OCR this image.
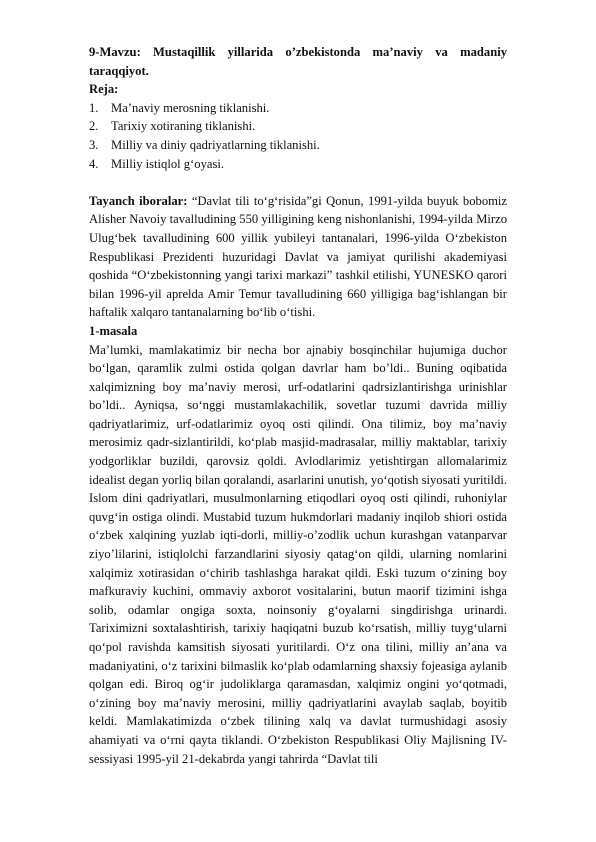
9-Mavzu: Mustaqillik yillarida o’zbekistonda ma’naviy va madaniy taraqqiyot.

Reja:

1. Ma’naviy merosning tiklanishi.
2. Tarixiy xotiraning tiklanishi.
3. Milliy va diniy qadriyatlarning tiklanishi.
4. Milliy istiqlol g‘oyasi.

Tayanch iboralar: “Davlat tili to‘g‘risida”gi Qonun, 1991-yilda buyuk bobomiz Alisher Navoiy tavalludining 550 yilligining keng nishonlanishi, 1994-yilda Mirzo Ulug‘bek tavalludining 600 yillik yubileyi tantanalari, 1996-yilda O‘zbekiston Respublikasi Prezidenti huzuridagi Davlat va jamiyat qurilishi akademiyasi qoshida “O‘zbekistonning yangi tarixi markazi” tashkil etilishi, YUNESKO qarori bilan 1996-yil aprelda Amir Temur tavalludining 660 yilligiga bag‘ishlangan bir haftalik xalqaro tantanalarning bo‘lib o‘tishi.

1-masala

Ma’lumki, mamlakatimiz bir necha bor ajnabiy bosqinchilar hujumiga duchor bo‘lgan, qaramlik zulmi ostida qolgan davrlar ham bo’ldi.. Buning oqibatida xalqimizning boy ma’naviy merosi, urf-odatlarini qadrsizlantirishga urinishlar bo’ldi.. Ayniqsa, so‘nggi mustamlakachilik, sovetlar tuzumi davrida milliy qadriyatlarimiz, urf-odatlarimiz oyoq osti qilindi. Ona tilimiz, boy ma’naviy merosimiz qadr-sizlantirildi, ko‘plab masjid-madrasalar, milliy maktablar, tarixiy yodgorliklar buzildi, qarovsiz qoldi. Avlodlarimiz yetishtirgan allomalarimiz idealist degan yorliq bilan qoralandi, asarlarini unutish, yo‘qotish siyosati yuritildi. Islom dini qadriyatlari, musulmonlarning etiqodlari oyoq osti qilindi, ruhoniylar quvg‘in ostiga olindi. Mustabid tuzum hukmdorlari madaniy inqilob shiori ostida o‘zbek xalqining yuzlab iqti-dorli, milliy-o’zodlik uchun kurashgan vatanparvar ziyo’lilarini, istiqlolchi farzandlarini siyosiy qatag‘on qildi, ularning nomlarini xalqimiz xotirasidan o‘chirib tashlashga harakat qildi. Eski tuzum o‘zining boy mafkuraviy kuchini, ommaviy axborot vositalarini, butun maorif tizimini ishga solib, odamlar ongiga soxta, noinsoniy g‘oyalarni singdirishga urinardi. Tariximizni soxtalashtirish, tarixiy haqiqatni buzub ko‘rsatish, milliy tuyg‘ularni qo‘pol ravishda kamsitish siyosati yuritilardi. O‘z ona tilini, milliy an’ana va madaniyatini, o‘z tarixini bilmaslik ko‘plab odamlarning shaxsiy fojeasiga aylanib qolgan edi. Biroq og‘ir judoliklarga qaramasdan, xalqimiz ongini yo‘qotmadi, o‘zining boy ma’naviy merosini, milliy qadriyatlarini avaylab saqlab, boyitib keldi. Mamlakatimizda o‘zbek tilining xalq va davlat turmushidagi asosiy ahamiyati va o‘rni qayta tiklandi. O‘zbekiston Respublikasi Oliy Majlisning IV-sessiyasi 1995-yil 21-dekabrda yangi tahrirda “Davlat tili
